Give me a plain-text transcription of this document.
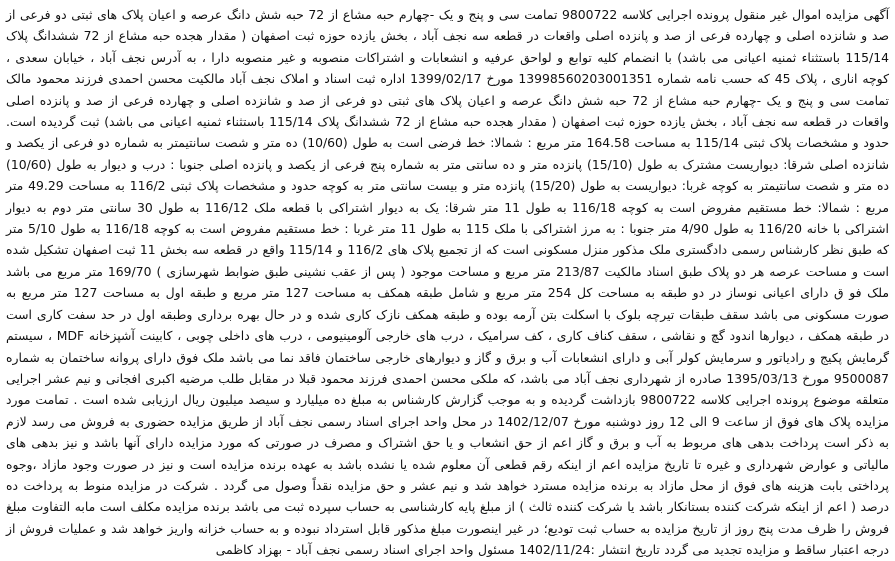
آگهی مزایده اموال غیر منقول پرونده اجرایی کلاسه 9800722 تمامت سی و پنج و یک -چهارم حبه مشاع از 72 حبه شش دانگ عرصه و اعیان پلاک های ثبتی دو فرعی از صد و شانزده اصلی و چهارده فرعی از صد و پانزده اصلی واقعات در قطعه سه نجف آباد ، بخش یازده حوزه ثبت اصفهان ( مقدار هجده حبه مشاع از 72 ششدانگ پلاک 115/14 باستثناء ثمنیه اعیانی می باشد) با انضمام کلیه توابع و لواحق عرفیه و انشعابات و اشتراکات منصوبه و غیر منصوبه دارا ، به آدرس نجف آباد ، خیابان سعدی ، کوچه اناری ، پلاک 45 که حسب نامه شماره 13998560203001351 مورخ 1399/02/17 اداره ثبت اسناد و املاک نجف آباد مالکیت محسن احمدی فرزند محمود مالک تمامت سی و پنج و یک -چهارم حبه مشاع از 72 حبه شش دانگ عرصه و اعیان پلاک های ثبتی دو فرعی از صد و شانزده اصلی و چهارده فرعی از صد و پانزده اصلی واقعات در قطعه سه نجف آباد ، بخش یازده حوزه ثبت اصفهان ( مقدار هجده حبه مشاع از 72 ششدانگ پلاک 115/14 باستثناء ثمنیه اعیانی می باشد) ثبت گردیده است. حدود و مشخصات پلاک ثبتی 115/14 به مساحت 164.58 متر مربع : شمالا: خط فرضی است به طول (10/60) ده متر و شصت سانتیمتر به شماره دو فرعی از یکصد و شانزده اصلی شرقا: دیواریست مشترک به طول (15/10) پانزده متر و ده سانتی متر به شماره پنج فرعی از یکصد و پانزده اصلی جنوبا : درب و دیوار به طول (10/60) ده متر و شصت سانتیمتر به کوچه غربا: دیواریست به طول (15/20) پانزده متر و بیست سانتی متر به کوچه حدود و مشخصات پلاک ثبتی 116/2 به مساحت 49.29 متر مربع : شمالا: خط مستقیم مفروض است به کوچه 116/18 به طول 11 متر شرقا: یک به دیوار اشتراکی با قطعه ملک 116/12 به طول 30 سانتی متر دوم به دیوار اشتراکی با خانه 116/20 به طول 4/90 متر جنوبا : به مرز اشتراکی با ملک 115 به طول 11 متر غربا : خط مستقیم مفروض است به کوچه 116/18 به طول 5/10 متر که طبق نظر کارشناس رسمی دادگستری ملک مذکور منزل مسکونی است که از تجمیع پلاک های 116/2 و 115/14 واقع در قطعه سه بخش 11 ثبت اصفهان تشکیل شده است و مساحت عرصه هر دو پلاک طبق اسناد مالکیت 213/87 متر مربع و مساحت موجود ( پس از عقب نشینی طبق ضوابط شهرسازی ) 169/70 متر مربع می باشد ملک فو ق دارای اعیانی نوساز در دو طبقه به مساحت کل 254 متر مربع و شامل طبقه همکف به مساحت 127 متر مربع و طبقه اول به مساحت 127 متر مربع به صورت مسکونی می باشد سقف طبقات تیرچه بلوک با اسکلت بتن آرمه بوده و طبقه همکف نازک کاری شده و در حال بهره برداری وطبقه اول در حد سفت کاری است در طبقه همکف ، دیوارها اندود گچ و نقاشی ، سقف کناف کاری ، کف سرامیک ، درب های خارجی آلومینیومی ، درب های داخلی چوبی ، کابینت آشپزخانه MDF ، سیستم گرمایش پکیج و رادیاتور و سرمایش کولر آبی و دارای انشعابات آب و برق و گاز و دیوارهای خارجی ساختمان فاقد نما می باشد ملک فوق دارای پروانه ساختمان به شماره 9500087 مورخ 1395/03/13 صادره از شهرداری نجف آباد می باشد، که ملکی محسن احمدی فرزند محمود قبلا در مقابل طلب مرضیه اکبری افجانی و نیم عشر اجرایی متعلقه موضوع پرونده اجرایی کلاسه 9800722 بازداشت گردیده و به موجب گزارش کارشناس به مبلغ ده میلیارد و سیصد میلیون ریال ارزیابی شده است . تمامت مورد مزایده پلاک های فوق از ساعت 9 الی 12 روز دوشنبه مورخ 1402/12/07 در محل واحد اجرای اسناد رسمی نجف آباد از طریق مزایده حضوری به فروش می رسد لازم به ذکر است پرداخت بدهی های مربوط به آب و برق و گاز اعم از حق انشعاب و یا حق اشتراک و مصرف در صورتی که مورد مزایده دارای آنها باشد و نیز بدهی های مالیاتی و عوارض شهرداری و غیره تا تاریخ مزایده اعم از اینکه رقم قطعی آن معلوم شده یا نشده باشد به عهده برنده مزایده است و نیز در صورت وجود مازاد ،وجوه پرداختی بابت هزینه های فوق از محل مازاد به برنده مزایده مسترد خواهد شد و نیم عشر و حق مزایده نقداً وصول می گردد . شرکت در مزایده منوط به پرداخت ده درصد ( اعم از اینکه شرکت کننده بستانکار باشد یا شرکت کننده ثالث ) از مبلغ پایه کارشناسی به حساب سپرده ثبت می باشد برنده مزایده مکلف است مابه التفاوت مبلغ فروش را ظرف مدت پنج روز از تاریخ مزایده به حساب ثبت تودیع؛ در غیر اینصورت مبلغ مذکور قابل استرداد نبوده و به حساب خزانه واریز خواهد شد و عملیات فروش از درجه اعتبار ساقط و مزایده تجدید می گردد تاریخ انتشار :1402/11/24 مسئول واحد اجرای اسناد رسمی نجف آباد - بهزاد کاظمی
